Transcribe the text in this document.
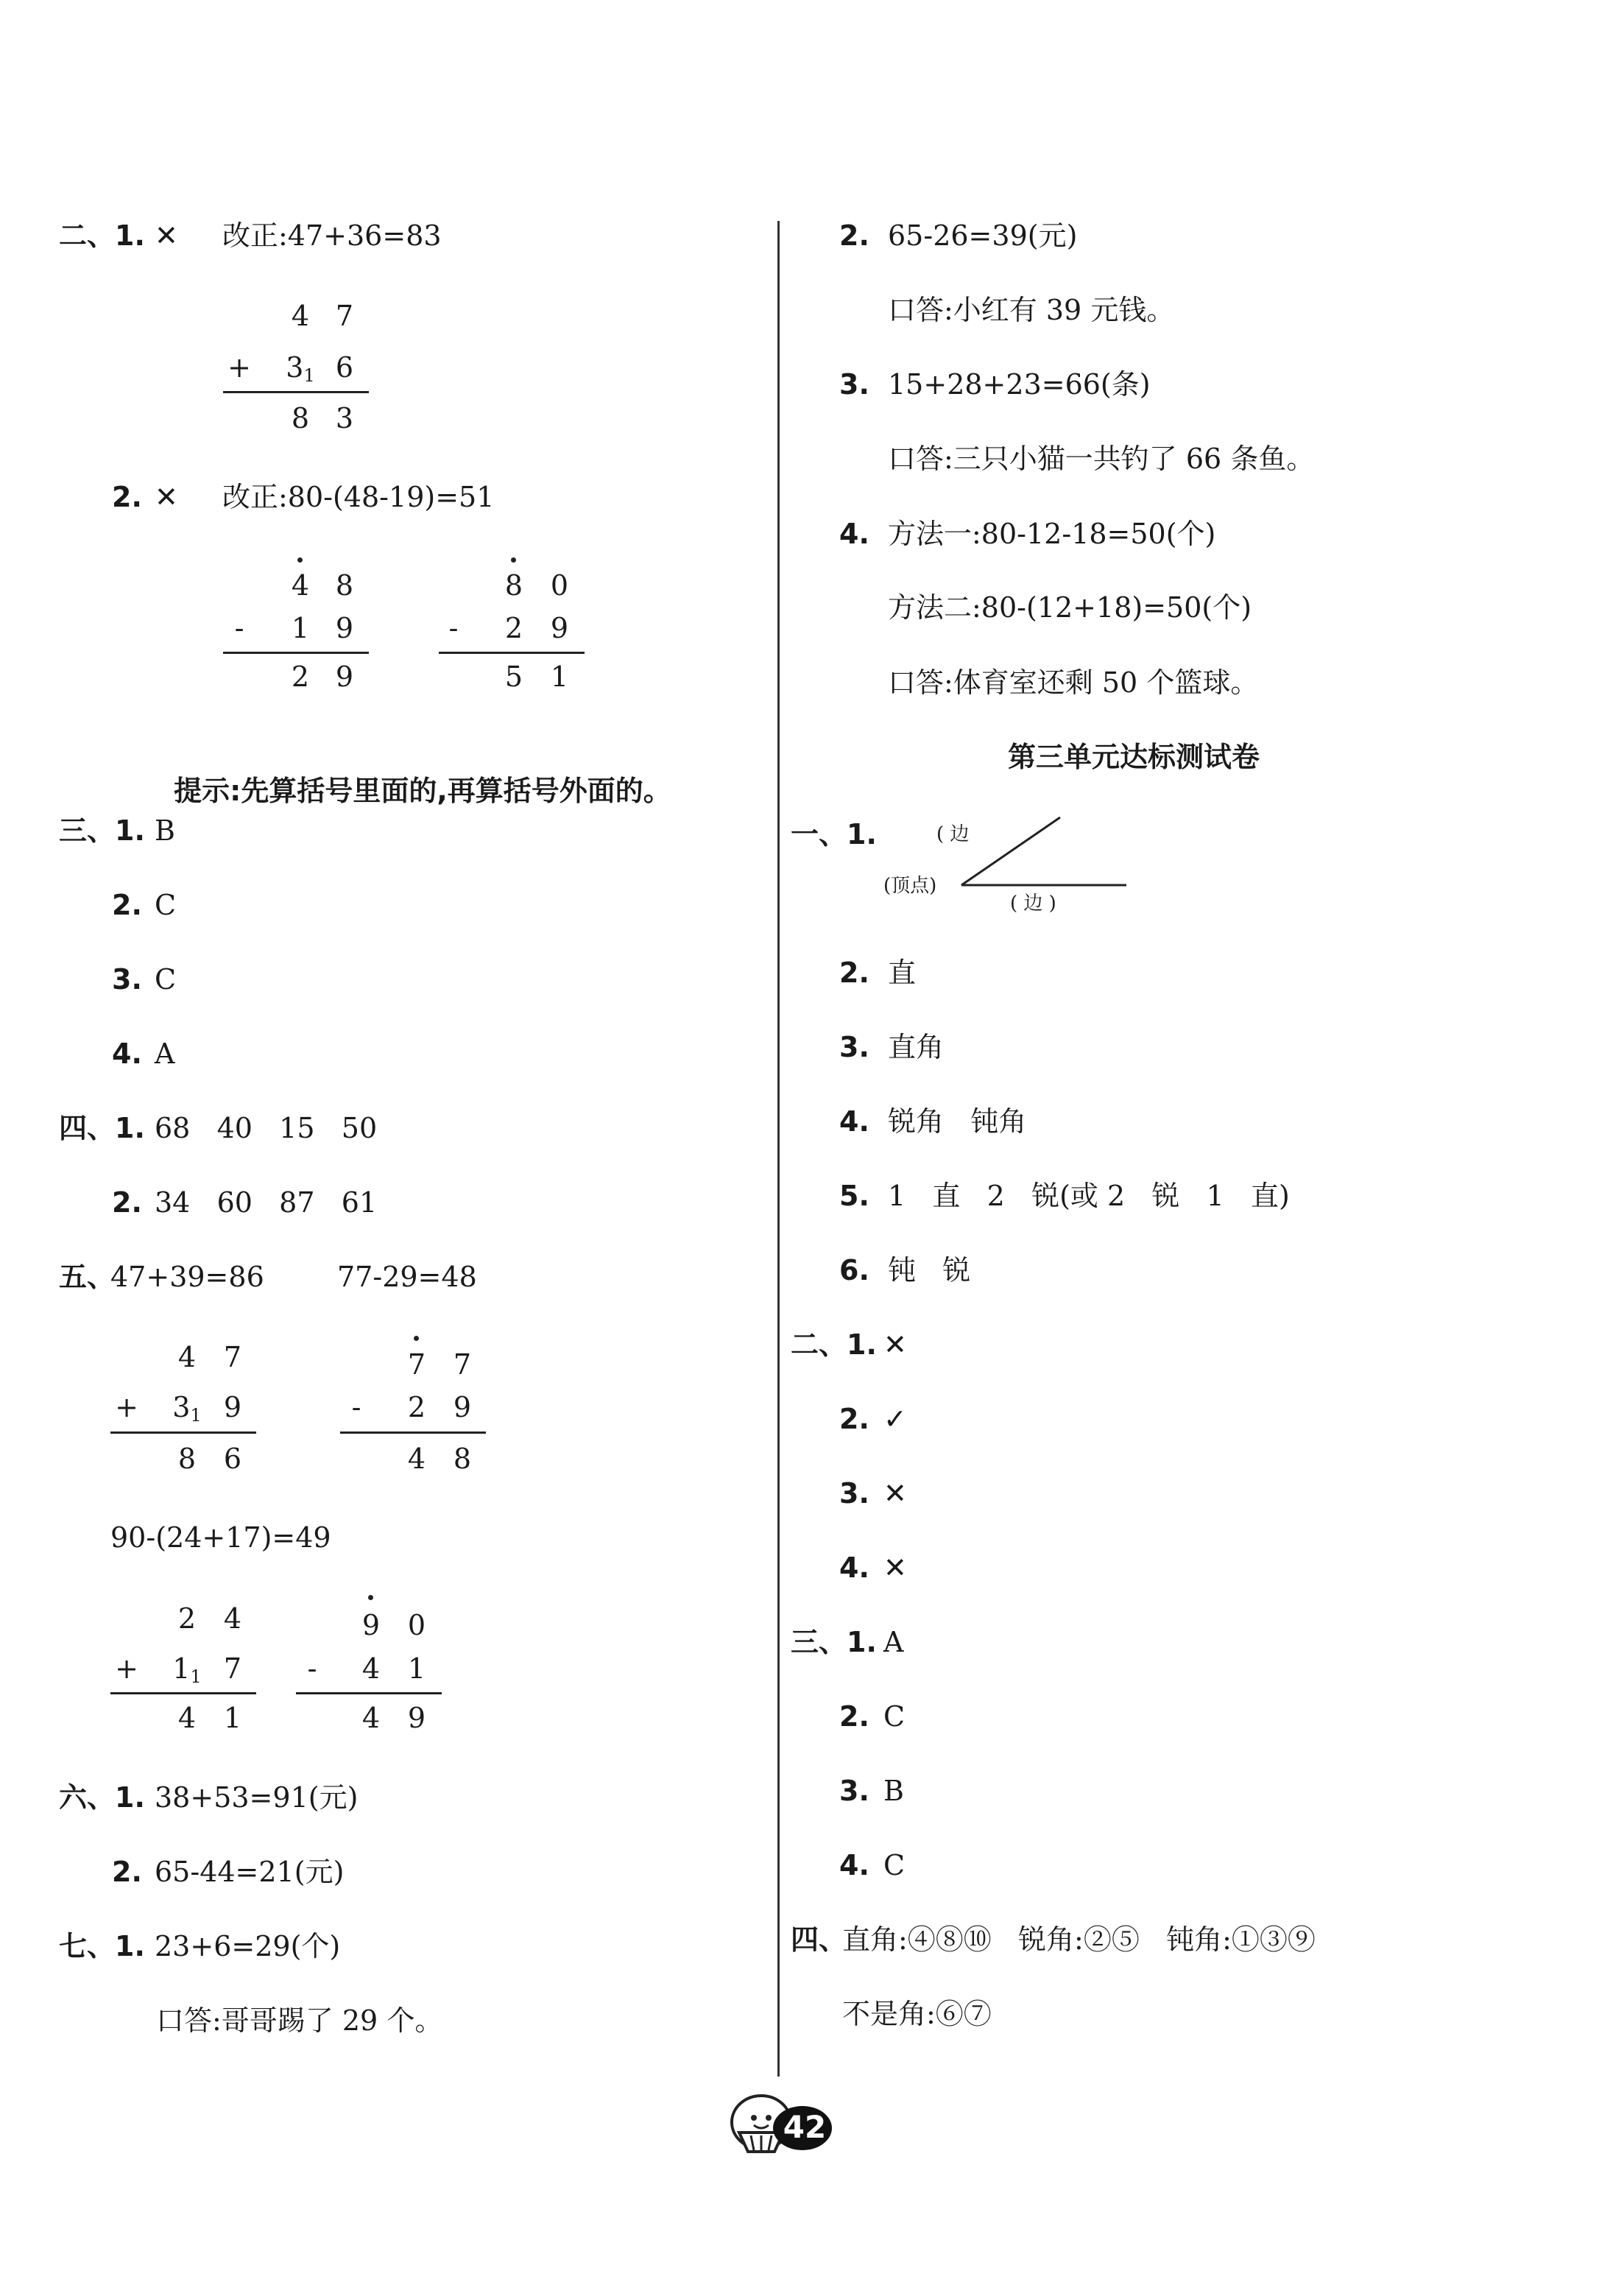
二、1. ✕ 改正:47+36=83
4 7
+ $3_1$ 6
8 3
2. ✕ 改正:80-(48-19)=51
4 8
-	1 9
2 9
8 0
-	2 9
5 1

提示:先算括号里面的,再算括号外面的。

三、1. B
2. C
3. C
4. A
四、1. 68   40   15   50
2. 34   60   87   61
五、
47+39=86	77-29=48
4 7
+ $3_1$ 9
8 6
7 7
-	2 9
4 8
90-(24+17)=49
2 4
+ $1_1$ 7
4 1
9 0
-	4 1
4 9
六、1. 38+53=91(元)
2. 65-44=21(元)
七、1. 23+6=29(个)
口答:哥哥踢了 29 个。
2. 65-26=39(元)
口答:小红有 39 元钱。
3. 15+28+23=66(条)
口答:三只小猫一共钓了 66 条鱼。
4. 方法一:80-12-18=50(个)
方法二:80-(12+18)=50(个)
口答:体育室还剩 50 个篮球。
第三单元达标测试卷
一、1.	( 边
(顶点)
( 边 )
2. 直
3. 直角
4. 锐角   钝角
5. 1   直   2   锐(或 2   锐   1   直)
6. 钝   锐
二、1. ✕
2. ✓
3. ✕
4. ✕
三、1. A
2. C
3. B
4. C
四、
直角:④⑧⑩   锐角:②⑤   钝角:①③⑨
不是角:⑥⑦
42
